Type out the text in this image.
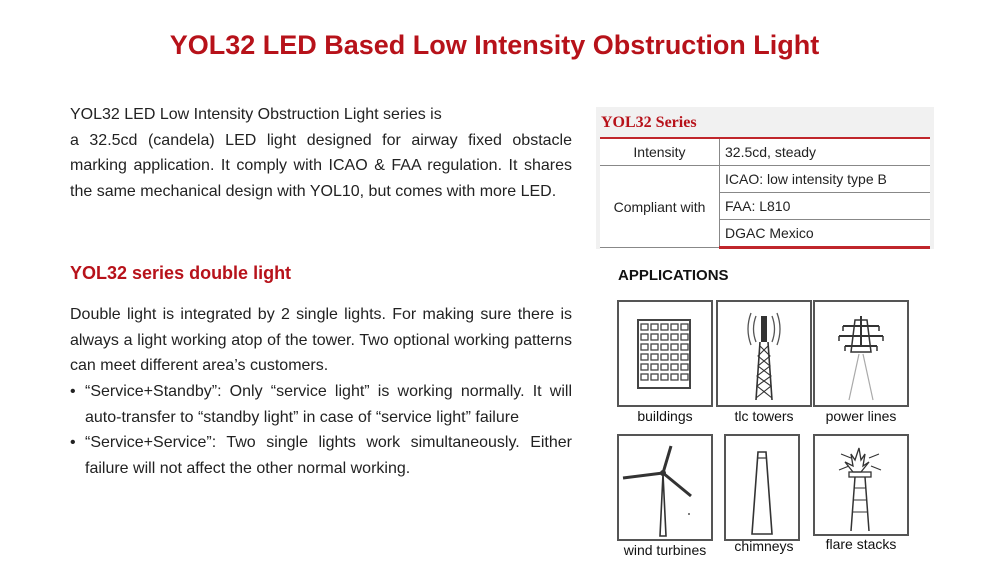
YOL32 LED Based Low Intensity Obstruction Light

YOL32 LED Low Intensity Obstruction Light series is
a 32.5cd (candela) LED light designed for airway fixed obstacle marking application. It comply with ICAO & FAA regulation. It shares the same mechanical design with YOL10, but comes with more LED.

YOL32 series double light

Double light is integrated by 2 single lights. For making sure there is always a light working atop of the tower. Two optional working patterns can meet different area’s customers.

• “Service+Standby”: Only “service light” is working normally. It will auto-transfer to “standby light” in case of “service light” failure
• “Service+Service”: Two single lights work simultaneously. Either failure will not affect the other normal working.
YOL32 Series
Intensity	32.5cd, steady
Compliant with	ICAO: low intensity type B
	FAA: L810
	DGAC Mexico
APPLICATIONS
buildings	tlc towers	power lines
wind turbines	chimneys	flare stacks
